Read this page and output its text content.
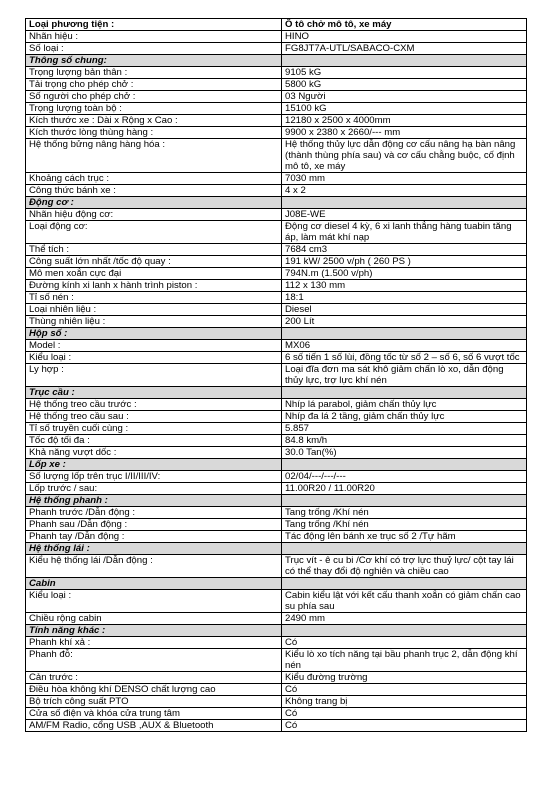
Loại phương tiện :	Ô tô chở mô tô, xe máy
Nhãn hiệu :	HINO
Số loại :	FG8JT7A-UTL/SABACO-CXM
Thông số chung:	
Trọng lượng bản thân :	9105 kG
Tải trọng cho phép chở :	5800 kG
Số người cho phép chở :	03 Người
Trọng lượng toàn bộ :	15100 kG
Kích thước xe : Dài x Rộng x Cao :	12180 x 2500 x 4000mm
Kích thước lòng thùng hàng :	9900 x 2380 x 2660/--- mm
Hệ thống bửng nâng hàng hóa :	Hệ thống thủy lực dẫn động cơ cấu nâng hạ bàn nâng (thành thùng phía sau) và cơ cấu chằng buộc, cố định mô tô, xe máy
Khoảng cách trục :	7030 mm
Công thức bánh xe :	4 x 2
Động cơ :	
Nhãn hiệu động cơ:	J08E-WE
Loại động cơ:	Động cơ diesel 4 kỳ, 6 xi lanh thẳng hàng tuabin tăng áp, làm mát khí nạp
Thể tích :	7684 cm3
Công suất lớn nhất /tốc độ quay :	191 kW/ 2500 v/ph ( 260 PS )
Mô men xoắn cực đại	794N.m (1.500 v/ph)
Đường kính xi lanh x hành trình piston :	112 x 130 mm
Tỉ số nén :	18:1
Loại nhiên liệu :	Diesel
Thùng nhiên liệu :	200 Lít
Hộp số :	
Model :	MX06
Kiểu loại :	6 số tiến 1 số lùi, đồng tốc từ số 2 – số 6, số 6 vượt tốc
Ly hợp :	Loại đĩa đơn ma sát khô giảm chấn lò xo, dẫn động thủy lực, trợ lực khí nén
Trục cầu :	
Hệ thống treo cầu trước :	Nhíp lá parabol, giảm chấn thủy lực
Hệ thống treo cầu sau :	Nhíp đa lá 2 tầng, giảm chấn thủy lực
Tỉ số truyền cuối cùng :	5.857
Tốc độ tối đa :	84.8 km/h
Khả năng vượt dốc :	30.0 Tan(%)
Lốp xe :	
Số lượng lốp trên trục I/II/III/IV:	02/04/---/---/---
Lốp trước / sau:	11.00R20 / 11.00R20
Hệ thống phanh :	
Phanh trước /Dẫn động :	Tang trống /Khí nén
Phanh sau /Dẫn động :	Tang trống /Khí nén
Phanh tay /Dẫn động :	Tác động lên bánh xe trục số 2 /Tự hãm
Hệ thống lái :	
Kiểu hệ thống lái /Dẫn động :	Trục vít - ê cu bi /Cơ khí có trợ lực thuỷ lực/ cột tay lái có thể thay đổi độ nghiên và chiều cao
Cabin	
Kiểu loại :	Cabin kiểu lật với kết cấu thanh xoắn có giảm chấn cao su phía sau
Chiều rộng cabin	2490 mm
Tính năng khác :	
Phanh khí xả :	Có
Phanh đỗ:	Kiểu lò xo tích năng tại bầu phanh trục 2, dẫn động khí nén
Cản trước :	Kiểu đường trường
Điều hòa không khí DENSO chất lượng cao	Có
Bộ trích công suất PTO	Không trang bị
Cửa số điện và khóa cửa trung tâm	Có
AM/FM Radio, cổng USB ,AUX & Bluetooth	Có
